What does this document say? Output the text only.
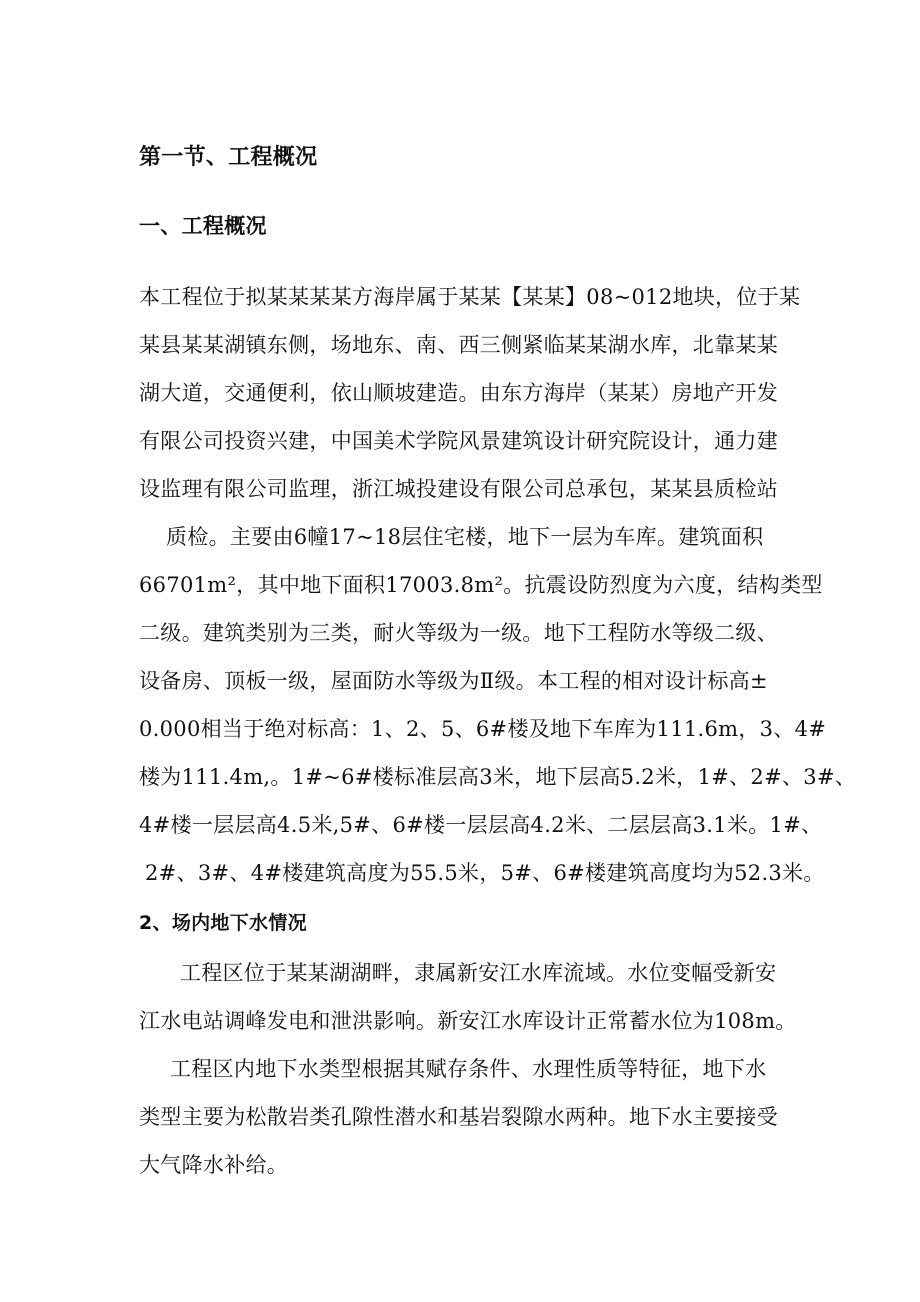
第一节、工程概况
一、工程概况
本工程位于拟某某某某方海岸属于某某【某某】08~012地块，位于某
某县某某湖镇东侧，场地东、南、西三侧紧临某某湖水库，北靠某某
湖大道，交通便利，依山顺坡建造。由东方海岸（某某）房地产开发
有限公司投资兴建，中国美术学院风景建筑设计研究院设计，通力建
设监理有限公司监理，浙江城投建设有限公司总承包，某某县质检站
质检。主要由6幢17~18层住宅楼，地下一层为车库。建筑面积
66701m²，其中地下面积17003.8m²。抗震设防烈度为六度，结构类型
二级。建筑类别为三类，耐火等级为一级。地下工程防水等级二级、
设备房、顶板一级，屋面防水等级为Ⅱ级。本工程的相对设计标高±
0.000相当于绝对标高：1、2、5、6#楼及地下车库为111.6m，3、4#
楼为111.4m,。1#~6#楼标准层高3米，地下层高5.2米，1#、2#、3#、
4#楼一层层高4.5米,5#、6#楼一层层高4.2米、二层层高3.1米。1#、
2#、3#、4#楼建筑高度为55.5米，5#、6#楼建筑高度均为52.3米。
2、场内地下水情况
工程区位于某某湖湖畔，隶属新安江水库流域。水位变幅受新安
江水电站调峰发电和泄洪影响。新安江水库设计正常蓄水位为108m。
工程区内地下水类型根据其赋存条件、水理性质等特征，地下水
类型主要为松散岩类孔隙性潜水和基岩裂隙水两种。地下水主要接受
大气降水补给。
